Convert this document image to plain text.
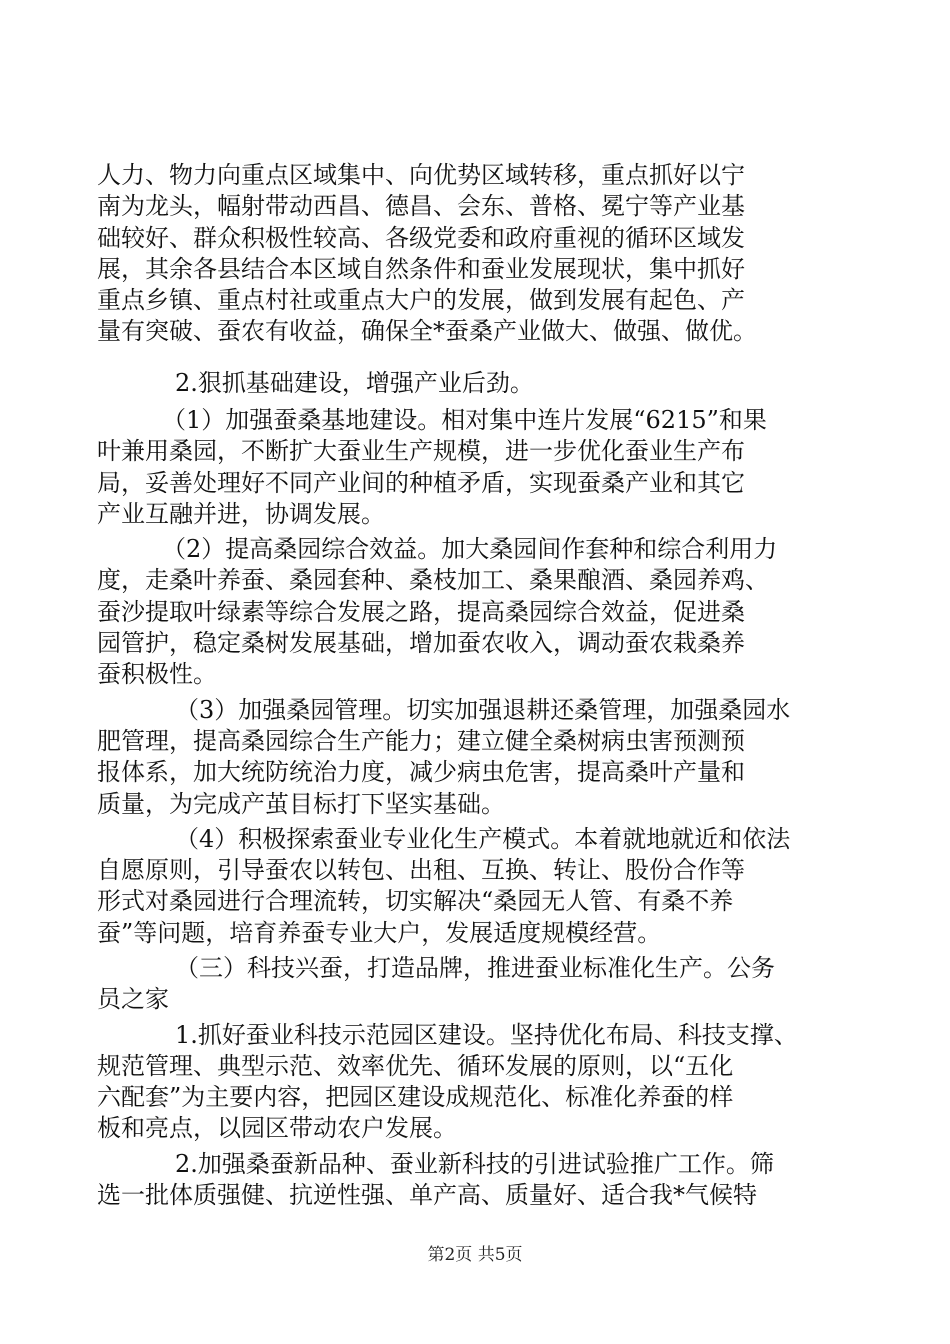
人力、物力向重点区域集中、向优势区域转移，重点抓好以宁
南为龙头，幅射带动西昌、德昌、会东、普格、冕宁等产业基
础较好、群众积极性较高、各级党委和政府重视的循环区域发
展，其余各县结合本区域自然条件和蚕业发展现状，集中抓好
重点乡镇、重点村社或重点大户的发展，做到发展有起色、产
量有突破、蚕农有收益，确保全*蚕桑产业做大、做强、做优。
2.狠抓基础建设，增强产业后劲。
（1）加强蚕桑基地建设。相对集中连片发展“6215”和果
叶兼用桑园，不断扩大蚕业生产规模，进一步优化蚕业生产布
局，妥善处理好不同产业间的种植矛盾，实现蚕桑产业和其它
产业互融并进，协调发展。
（2）提高桑园综合效益。加大桑园间作套种和综合利用力
度，走桑叶养蚕、桑园套种、桑枝加工、桑果酿酒、桑园养鸡、
蚕沙提取叶绿素等综合发展之路，提高桑园综合效益，促进桑
园管护，稳定桑树发展基础，增加蚕农收入，调动蚕农栽桑养
蚕积极性。
（3）加强桑园管理。切实加强退耕还桑管理，加强桑园水
肥管理，提高桑园综合生产能力；建立健全桑树病虫害预测预
报体系，加大统防统治力度，减少病虫危害，提高桑叶产量和
质量，为完成产茧目标打下坚实基础。
（4）积极探索蚕业专业化生产模式。本着就地就近和依法
自愿原则，引导蚕农以转包、出租、互换、转让、股份合作等
形式对桑园进行合理流转，切实解决“桑园无人管、有桑不养
蚕”等问题，培育养蚕专业大户，发展适度规模经营。
（三）科技兴蚕，打造品牌，推进蚕业标准化生产。公务
员之家
1.抓好蚕业科技示范园区建设。坚持优化布局、科技支撑、
规范管理、典型示范、效率优先、循环发展的原则，以“五化
六配套”为主要内容，把园区建设成规范化、标准化养蚕的样
板和亮点，以园区带动农户发展。
2.加强桑蚕新品种、蚕业新科技的引进试验推广工作。筛
选一批体质强健、抗逆性强、单产高、质量好、适合我*气候特
第2页 共5页
